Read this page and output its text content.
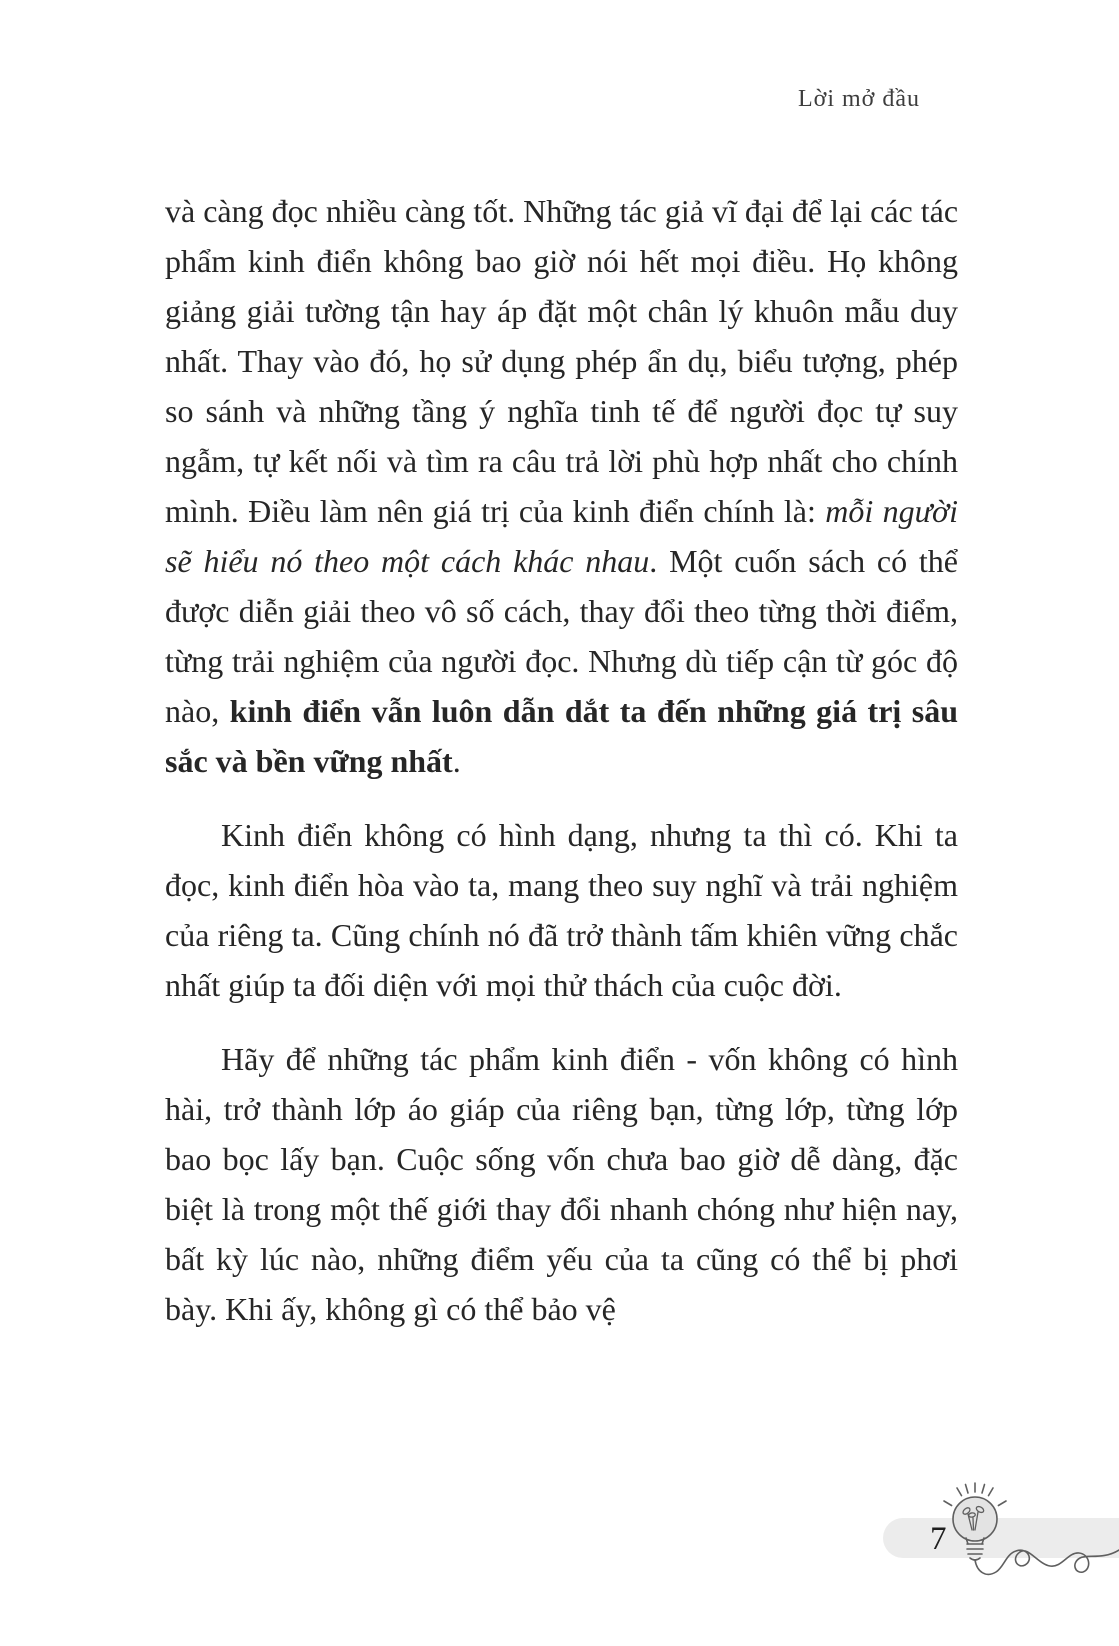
Lời mở đầu

và càng đọc nhiều càng tốt. Những tác giả vĩ đại để lại các tác phẩm kinh điển không bao giờ nói hết mọi điều. Họ không giảng giải tường tận hay áp đặt một chân lý khuôn mẫu duy nhất. Thay vào đó, họ sử dụng phép ẩn dụ, biểu tượng, phép so sánh và những tầng ý nghĩa tinh tế để người đọc tự suy ngẫm, tự kết nối và tìm ra câu trả lời phù hợp nhất cho chính mình. Điều làm nên giá trị của kinh điển chính là: mỗi người sẽ hiểu nó theo một cách khác nhau. Một cuốn sách có thể được diễn giải theo vô số cách, thay đổi theo từng thời điểm, từng trải nghiệm của người đọc. Nhưng dù tiếp cận từ góc độ nào, kinh điển vẫn luôn dẫn dắt ta đến những giá trị sâu sắc và bền vững nhất.

Kinh điển không có hình dạng, nhưng ta thì có. Khi ta đọc, kinh điển hòa vào ta, mang theo suy nghĩ và trải nghiệm của riêng ta. Cũng chính nó đã trở thành tấm khiên vững chắc nhất giúp ta đối diện với mọi thử thách của cuộc đời.

Hãy để những tác phẩm kinh điển - vốn không có hình hài, trở thành lớp áo giáp của riêng bạn, từng lớp, từng lớp bao bọc lấy bạn. Cuộc sống vốn chưa bao giờ dễ dàng, đặc biệt là trong một thế giới thay đổi nhanh chóng như hiện nay, bất kỳ lúc nào, những điểm yếu của ta cũng có thể bị phơi bày. Khi ấy, không gì có thể bảo vệ

7
